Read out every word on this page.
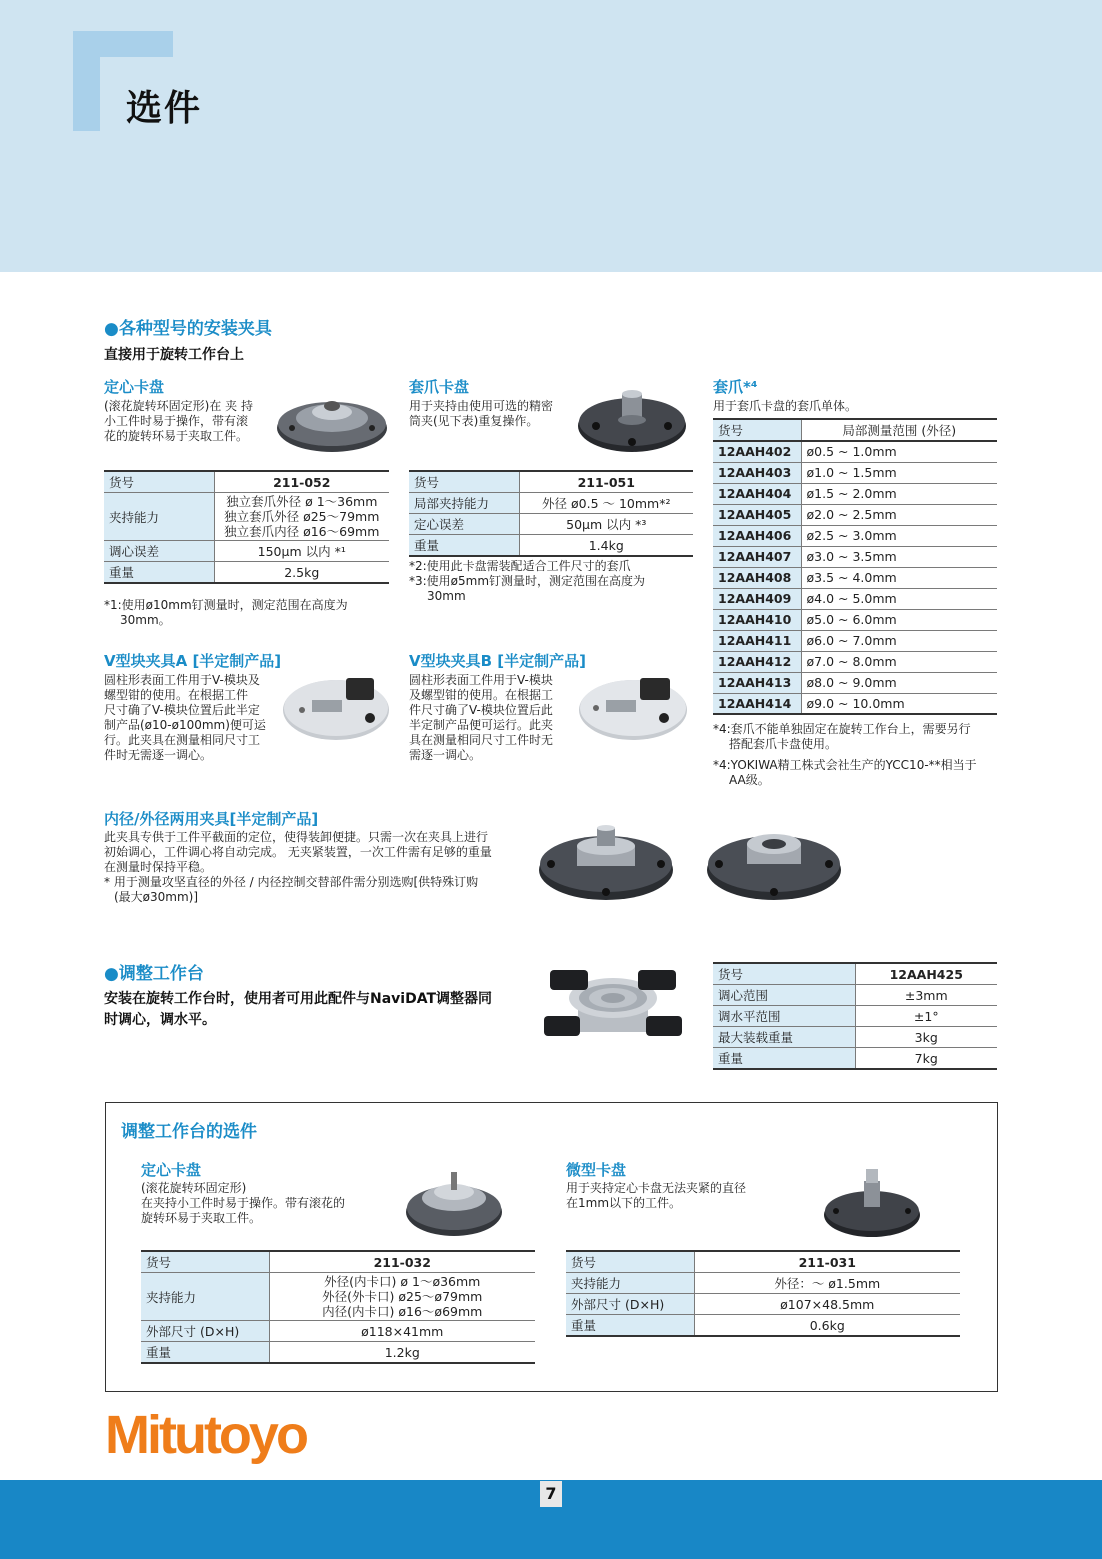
选件
●各种型号的安装夹具
直接用于旋转工作台上
定心卡盘
(滚花旋转环固定形)在 夹 持
小工件时易于操作，带有滚
花的旋转环易于夹取工件。
货号	211-052
夹持能力	独立套爪外径 ø 1～36mm
独立套爪外径 ø25～79mm
独立套爪内径 ø16～69mm

调心误差	150μm 以内 *¹
重量	2.5kg
*1:使用ø10mm钉测量时，测定范围在高度为
30mm。
套爪卡盘
用于夹持由使用可选的精密
筒夹(见下表)重复操作。
货号	211-051
局部夹持能力	外径 ø0.5 ～ 10mm*²
定心误差	50μm 以内 *³
重量	1.4kg
*2:使用此卡盘需装配适合工件尺寸的套爪
*3:使用ø5mm钉测量时，测定范围在高度为
30mm
套爪*⁴
用于套爪卡盘的套爪单体。
货号	局部测量范围 (外径)
12AAH402	ø0.5 ~ 1.0mm
12AAH403	ø1.0 ~ 1.5mm
12AAH404	ø1.5 ~ 2.0mm
12AAH405	ø2.0 ~ 2.5mm
12AAH406	ø2.5 ~ 3.0mm
12AAH407	ø3.0 ~ 3.5mm
12AAH408	ø3.5 ~ 4.0mm
12AAH409	ø4.0 ~ 5.0mm
12AAH410	ø5.0 ~ 6.0mm
12AAH411	ø6.0 ~ 7.0mm
12AAH412	ø7.0 ~ 8.0mm
12AAH413	ø8.0 ~ 9.0mm
12AAH414	ø9.0 ~ 10.0mm
*4:套爪不能单独固定在旋转工作台上，需要另行
搭配套爪卡盘使用。
*4:YOKIWA精工株式会社生产的YCC10-**相当于
AA级。
V型块夹具A [半定制产品]
圆柱形表面工件用于V-模块及
螺型钳的使用。在根据工件
尺寸确了V-模块位置后此半定
制产品(ø10-ø100mm)便可运
行。此夹具在测量相同尺寸工
件时无需逐一调心。
V型块夹具B [半定制产品]
圆柱形表面工件用于V-模块
及螺型钳的使用。在根据工
件尺寸确了V-模块位置后此
半定制产品便可运行。此夹
具在测量相同尺寸工件时无
需逐一调心。
内径/外径两用夹具[半定制产品]
此夹具专供于工件平截面的定位，使得装卸便捷。只需一次在夹具上进行
初始调心，工件调心将自动完成。 无夹紧装置，一次工件需有足够的重量
在测量时保持平稳。
* 用于测量攻坚直径的外径 / 内径控制交替部件需分别选购[供特殊订购
(最大ø30mm)]
●调整工作台
安装在旋转工作台时，使用者可用此配件与NaviDAT调整器同
时调心，调水平。
货号	12AAH425
调心范围	±3mm
调水平范围	±1°
最大装载重量	3kg
重量	7kg
调整工作台的选件
定心卡盘
(滚花旋转环固定形)
在夹持小工件时易于操作。带有滚花的
旋转环易于夹取工件。
货号	211-032
夹持能力	外径(内卡口) ø 1～ø36mm
外径(外卡口) ø25～ø79mm
内径(内卡口) ø16～ø69mm

外部尺寸 (D×H)	ø118×41mm
重量	1.2kg
微型卡盘
用于夹持定心卡盘无法夹紧的直径
在1mm以下的工件。
货号	211-031
夹持能力	外径：～ ø1.5mm
外部尺寸 (D×H)	ø107×48.5mm
重量	0.6kg
Mitutoyo
7
